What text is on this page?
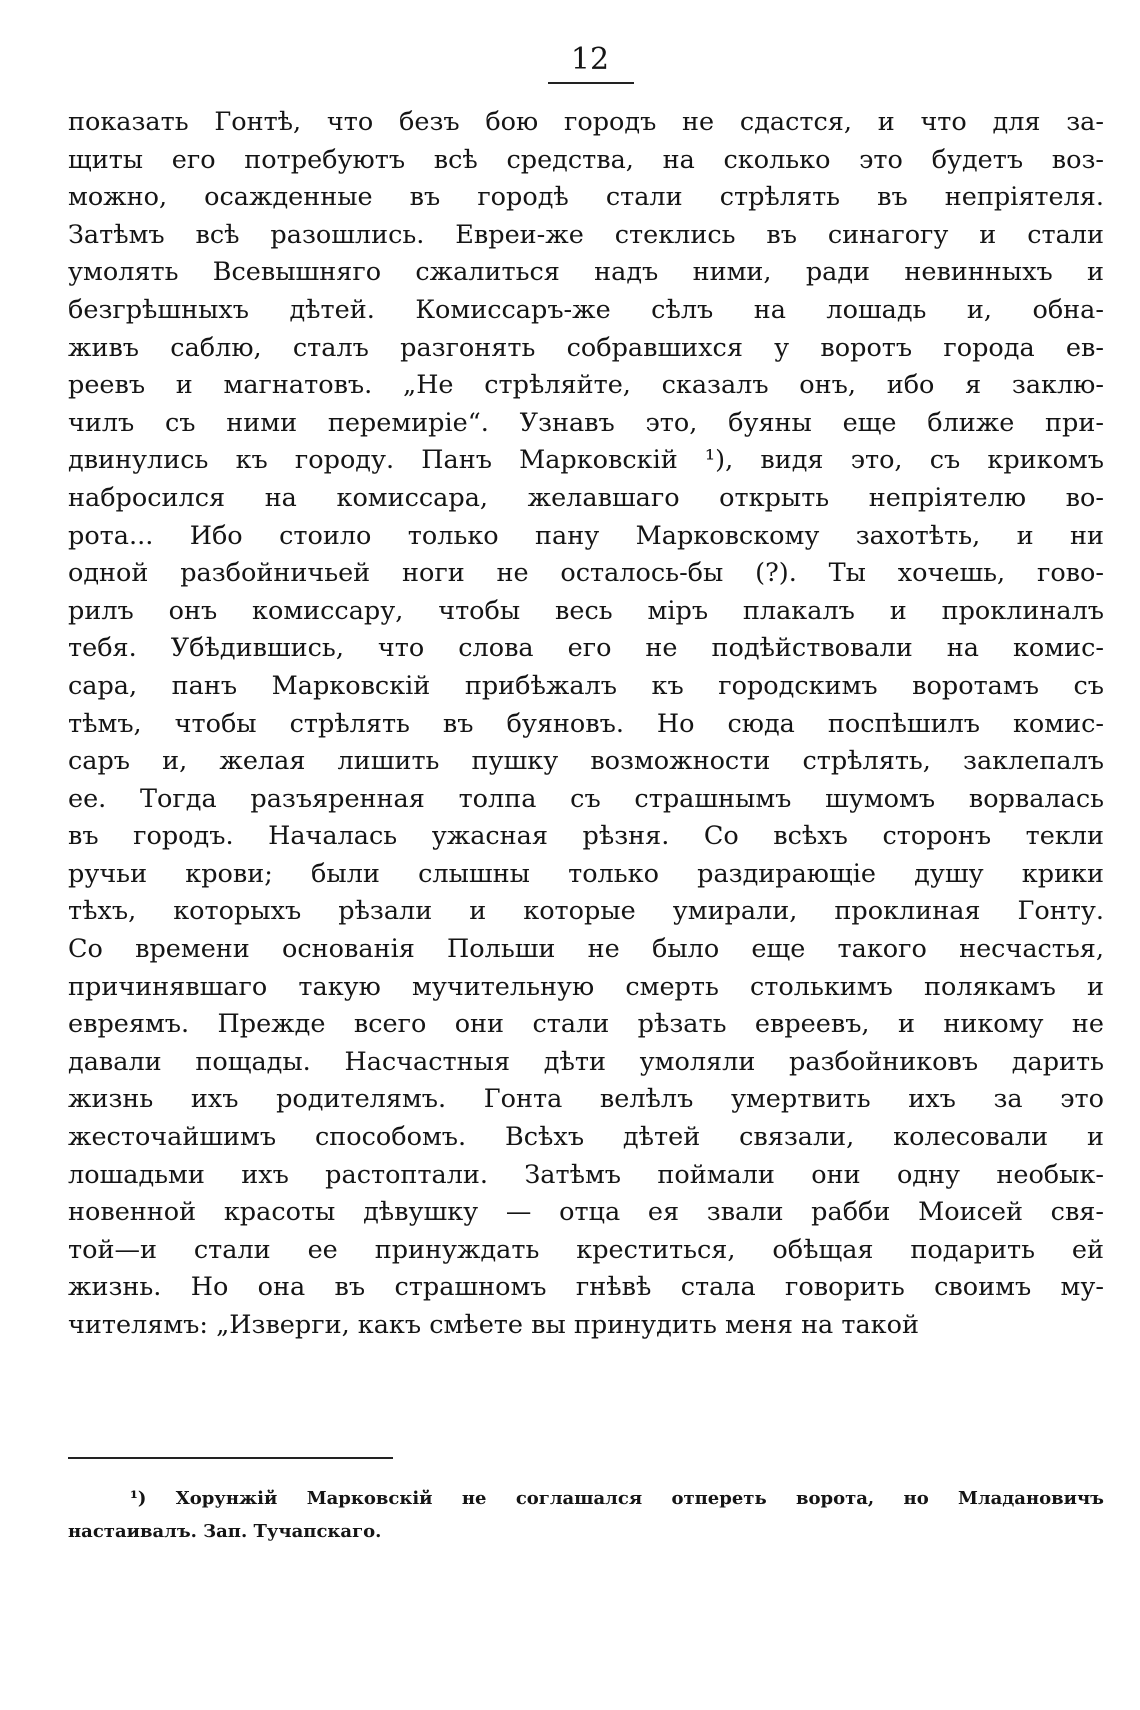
12
показать Гонтѣ, что безъ бою городъ не сдастся, и что для за-
щиты его потребуютъ всѣ средства, на сколько это будетъ воз-
можно, осажденные въ городѣ стали стрѣлять въ непріятеля.
Затѣмъ всѣ разошлись. Евреи-же стеклись въ синагогу и стали
умолять Всевышняго сжалиться надъ ними, ради невинныхъ и
безгрѣшныхъ дѣтей. Комиссаръ-же сѣлъ на лошадь и, обна-
живъ саблю, сталъ разгонять собравшихся у воротъ города ев-
реевъ и магнатовъ. „Не стрѣляйте, сказалъ онъ, ибо я заклю-
чилъ съ ними перемиріе“. Узнавъ это, буяны еще ближе при-
двинулись къ городу. Панъ Марковскій ¹), видя это, съ крикомъ
набросился на комиссара, желавшаго открыть непріятелю во-
рота... Ибо стоило только пану Марковскому захотѣть, и ни
одной разбойничьей ноги не осталось-бы (?). Ты хочешь, гово-
рилъ онъ комиссару, чтобы весь міръ плакалъ и проклиналъ
тебя. Убѣдившись, что слова его не подѣйствовали на комис-
сара, панъ Марковскій прибѣжалъ къ городскимъ воротамъ съ
тѣмъ, чтобы стрѣлять въ буяновъ. Но сюда поспѣшилъ комис-
саръ и, желая лишить пушку возможности стрѣлять, заклепалъ
ее. Тогда разъяренная толпа съ страшнымъ шумомъ ворвалась
въ городъ. Началась ужасная рѣзня. Со всѣхъ сторонъ текли
ручьи крови; были слышны только раздирающіе душу крики
тѣхъ, которыхъ рѣзали и которые умирали, проклиная Гонту.
Со времени основанія Польши не было еще такого несчастья,
причинявшаго такую мучительную смерть столькимъ полякамъ и
евреямъ. Прежде всего они стали рѣзать евреевъ, и никому не
давали пощады. Насчастныя дѣти умоляли разбойниковъ дарить
жизнь ихъ родителямъ. Гонта велѣлъ умертвить ихъ за это
жесточайшимъ способомъ. Всѣхъ дѣтей связали, колесовали и
лошадьми ихъ растоптали. Затѣмъ поймали они одну необык-
новенной красоты дѣвушку — отца ея звали рабби Моисей свя-
той—и стали ее принуждать креститься, обѣщая подарить ей
жизнь. Но она въ страшномъ гнѣвѣ стала говорить своимъ му-
чителямъ: „Изверги, какъ смѣете вы принудить меня на такой
¹) Хорунжій Марковскій не соглашался отпереть ворота, но Младановичъ
настаивалъ. Зап. Тучапскаго.
